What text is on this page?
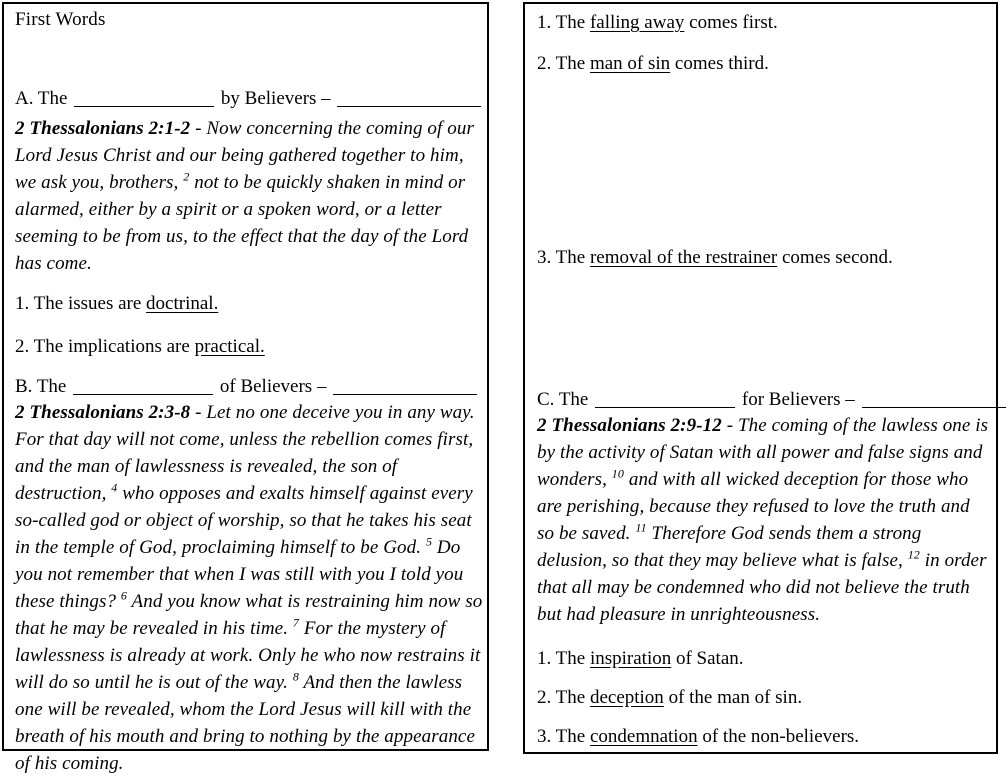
First Words
A. The	by Believers –

2 Thessalonians 2:1-2 - Now concerning the coming of our Lord Jesus Christ and our being gathered together to him, we ask you, brothers, $^2$ not to be quickly shaken in mind or alarmed, either by a spirit or a spoken word, or a letter seeming to be from us, to the effect that the day of the Lord has come.

1. The issues are doctrinal.
2. The implications are practical.
B. The	of Believers –

2 Thessalonians 2:3-8 - Let no one deceive you in any way. For that day will not come, unless the rebellion comes first, and the man of lawlessness is revealed, the son of destruction, $^4$ who opposes and exalts himself against every so-called god or object of worship, so that he takes his seat in the temple of God, proclaiming himself to be God. $^5$ Do you not remember that when I was still with you I told you these things? $^6$ And you know what is restraining him now so that he may be revealed in his time. $^7$ For the mystery of lawlessness is already at work. Only he who now restrains it will do so until he is out of the way. $^8$ And then the lawless one will be revealed, whom the Lord Jesus will kill with the breath of his mouth and bring to nothing by the appearance of his coming.

1. The falling away comes first.
2. The man of sin comes third.
3. The removal of the restrainer comes second.
C. The	for Believers –

2 Thessalonians 2:9-12 - The coming of the lawless one is by the activity of Satan with all power and false signs and wonders, $^{10}$ and with all wicked deception for those who are perishing, because they refused to love the truth and so be saved. $^{11}$ Therefore God sends them a strong delusion, so that they may believe what is false, $^{12}$ in order that all may be condemned who did not believe the truth but had pleasure in unrighteousness.

1. The inspiration of Satan.
2. The deception of the man of sin.
3. The condemnation of the non-believers.
